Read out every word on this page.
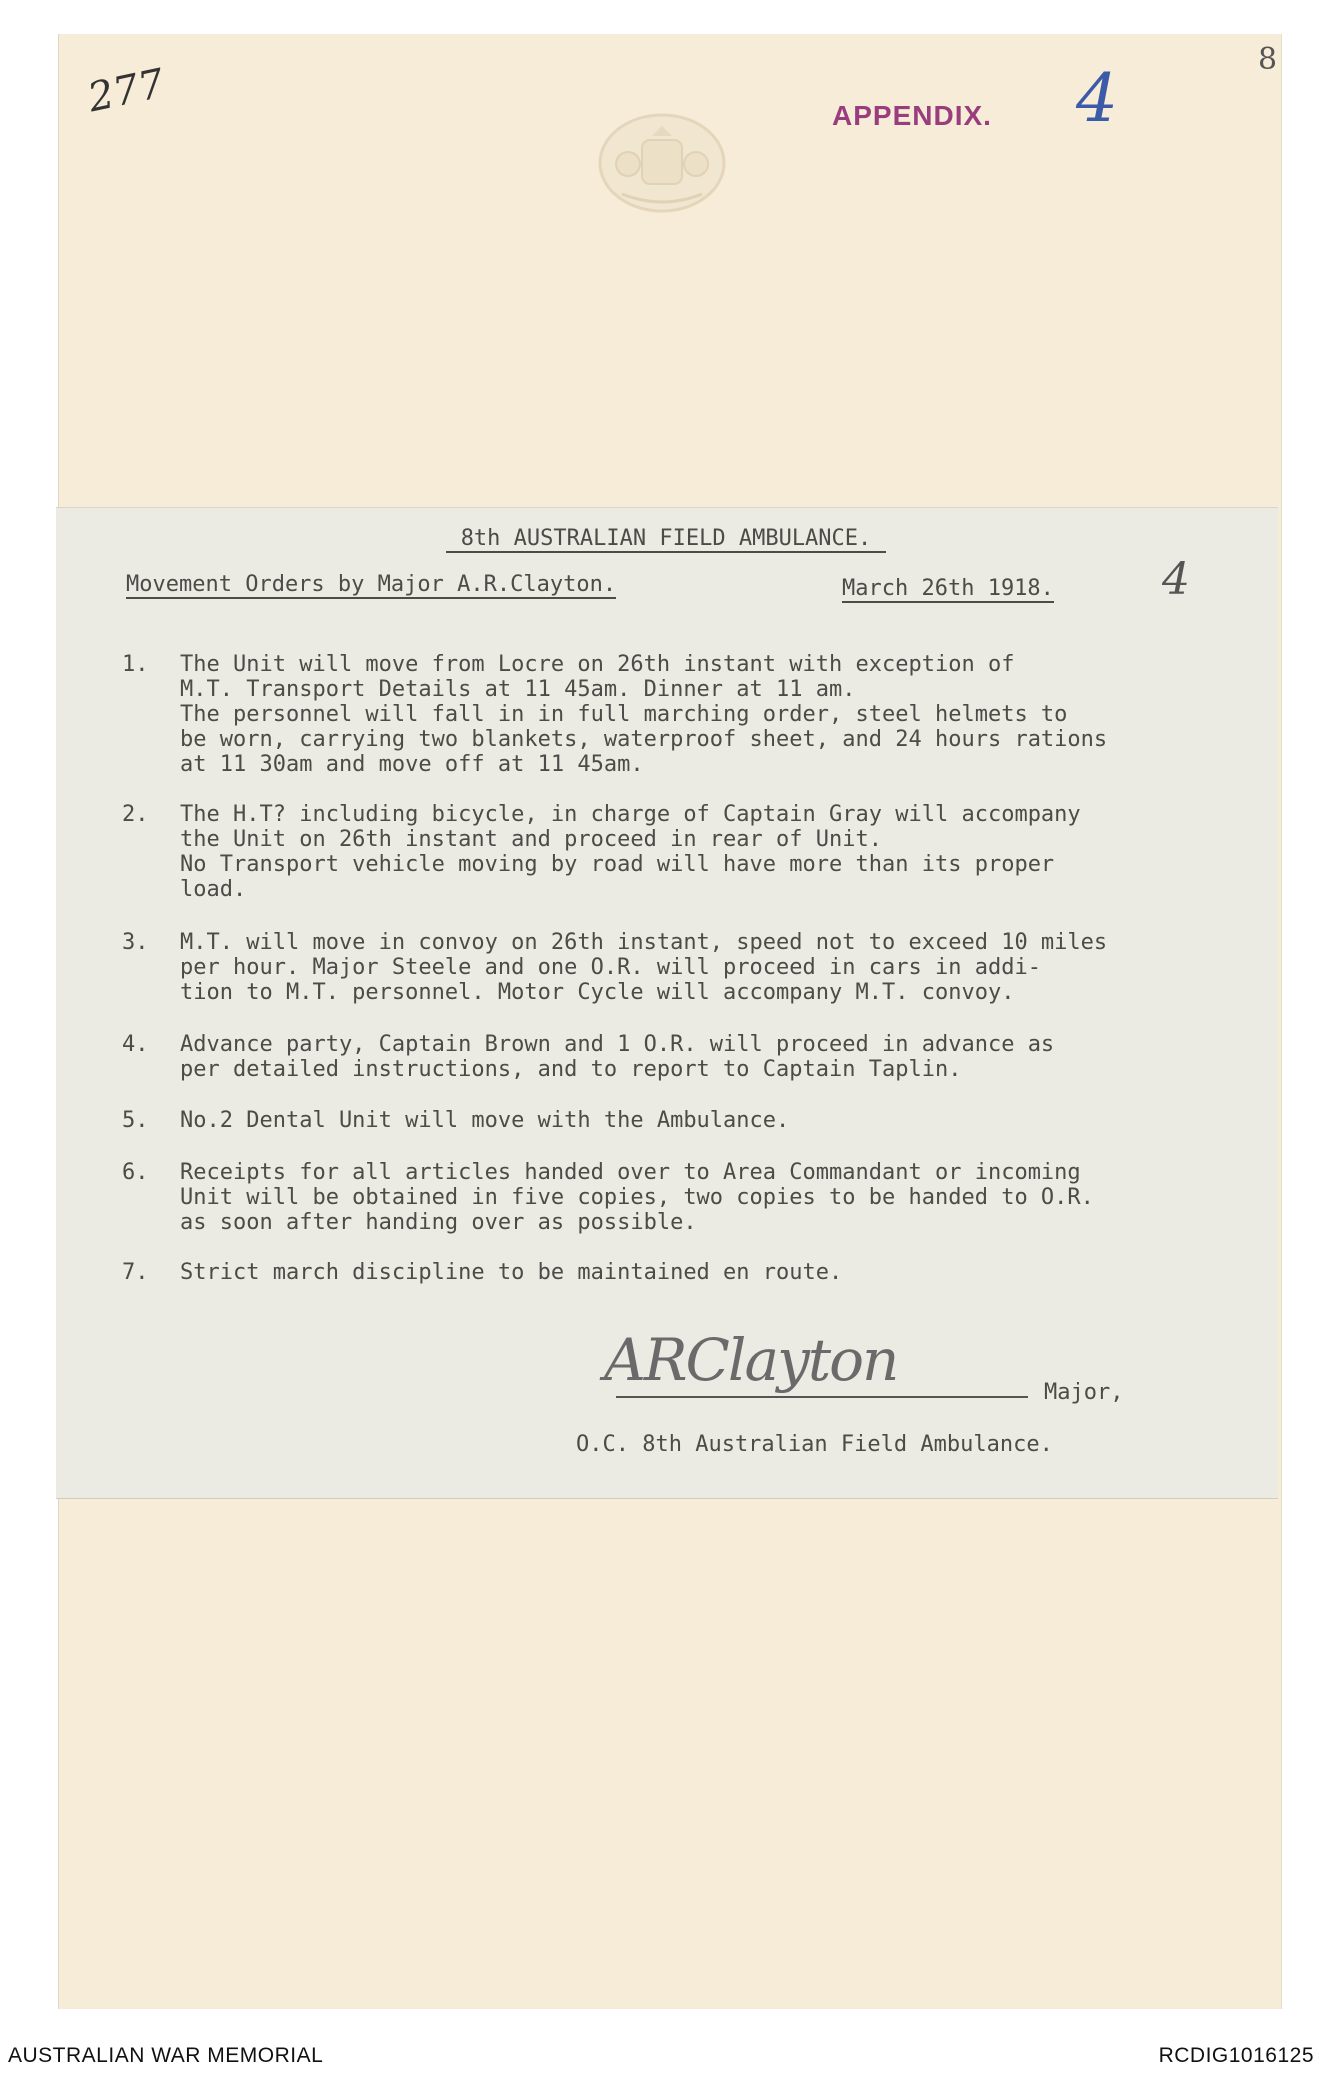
277
8
APPENDIX. 4
8th AUSTRALIAN FIELD AMBULANCE.
Movement Orders by Major A.R.Clayton.	March 26th 1918. 4
1.	The Unit will move from Locre on 26th instant with exception of
M.T. Transport Details at 11 45am. Dinner at 11 am.
The personnel will fall in in full marching order, steel helmets to
be worn, carrying two blankets, waterproof sheet, and 24 hours rations
at 11 30am and move off at 11 45am.
2.	The H.T? including bicycle, in charge of Captain Gray will accompany
the Unit on 26th instant and proceed in rear of Unit.
No Transport vehicle moving by road will have more than its proper
load.
3.	M.T. will move in convoy on 26th instant, speed not to exceed 10 miles
per hour. Major Steele and one O.R. will proceed in cars in addi-
tion to M.T. personnel. Motor Cycle will accompany M.T. convoy.
4.	Advance party, Captain Brown and 1 O.R. will proceed in advance as
per detailed instructions, and to report to Captain Taplin.
5.	No.2 Dental Unit will move with the Ambulance.
6.	Receipts for all articles handed over to Area Commandant or incoming
Unit will be obtained in five copies, two copies to be handed to O.R.
as soon after handing over as possible.
7.	Strict march discipline to be maintained en route.
ARClayton	Major,
O.C. 8th Australian Field Ambulance.
AUSTRALIAN WAR MEMORIAL	RCDIG1016125
